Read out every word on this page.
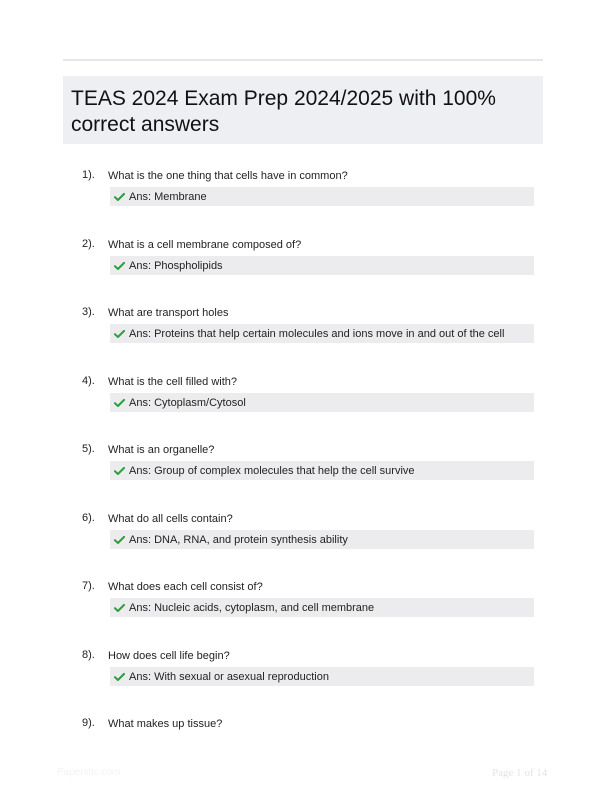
TEAS 2024 Exam Prep 2024/2025 with 100% correct answers
1). What is the one thing that cells have in common?
Ans: Membrane
2). What is a cell membrane composed of?
Ans: Phospholipids
3). What are transport holes
Ans: Proteins that help certain molecules and ions move in and out of the cell
4). What is the cell filled with?
Ans: Cytoplasm/Cytosol
5). What is an organelle?
Ans: Group of complex molecules that help the cell survive
6). What do all cells contain?
Ans: DNA, RNA, and protein synthesis ability
7). What does each cell consist of?
Ans: Nucleic acids, cytoplasm, and cell membrane
8). How does cell life begin?
Ans: With sexual or asexual reproduction
9). What makes up tissue?
Paperstic.com	Page 1 of 14
